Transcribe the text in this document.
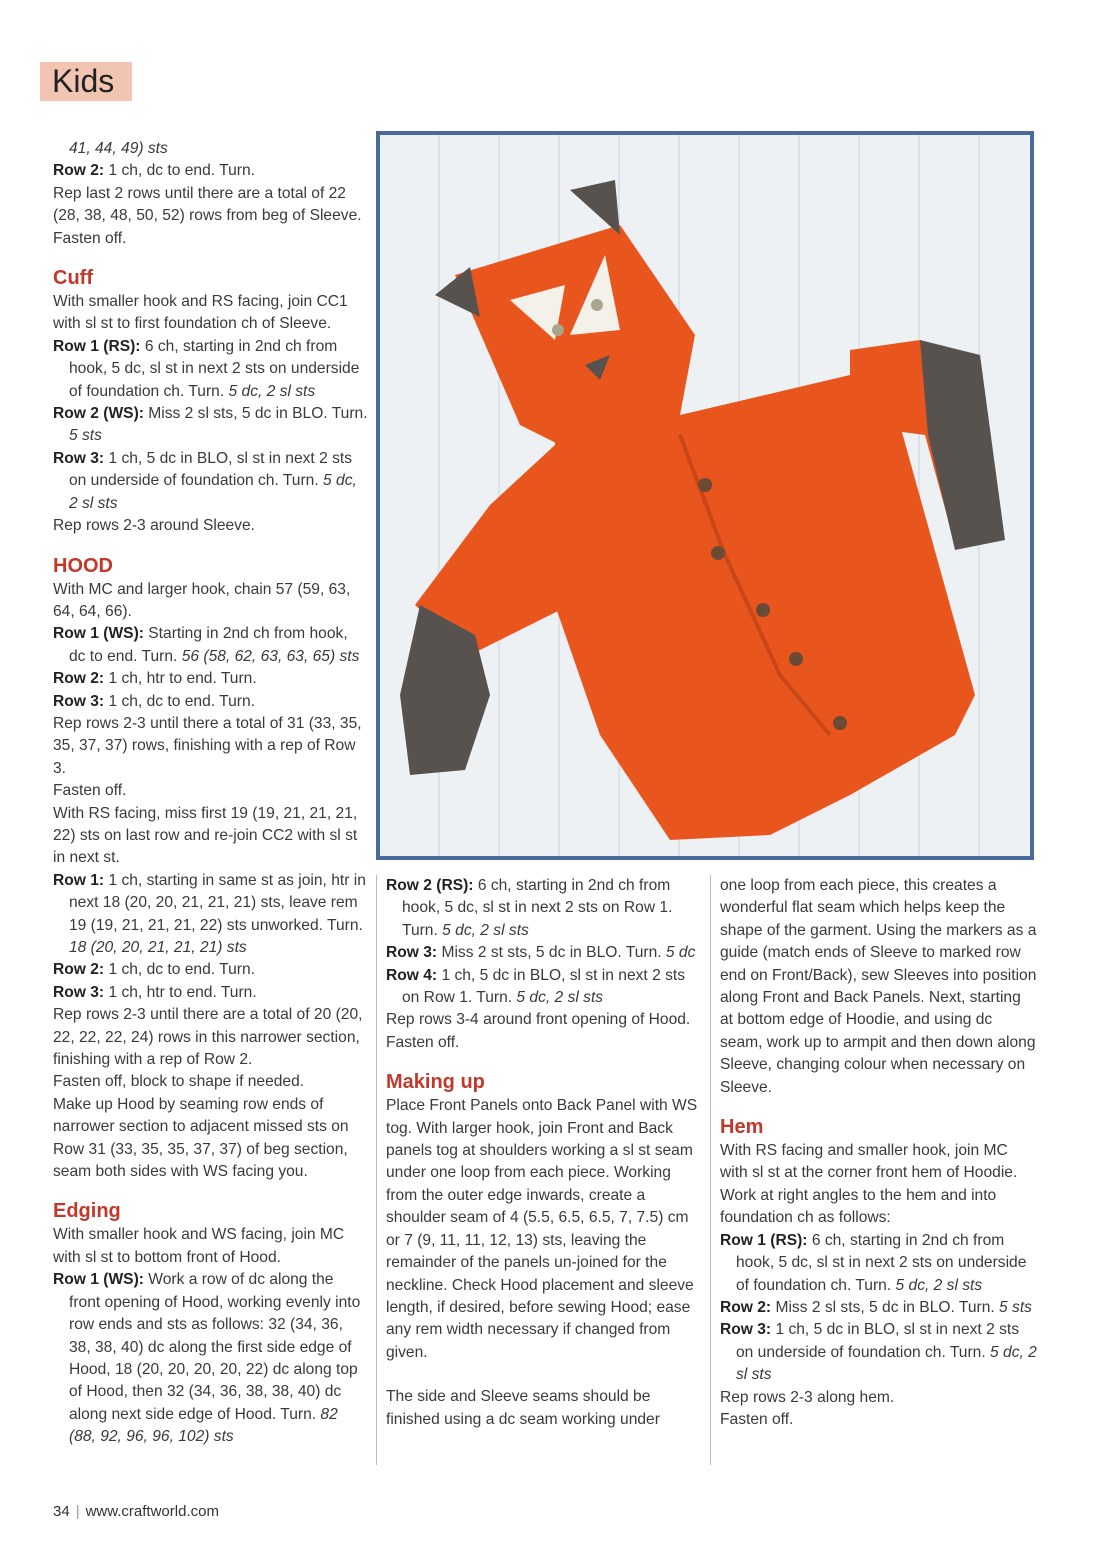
Kids

41, 44, 49) sts

Row 2: 1 ch, dc to end. Turn.

Rep last 2 rows until there are a total of 22 (28, 38, 48, 50, 52) rows from beg of Sleeve. Fasten off.

Cuff

With smaller hook and RS facing, join CC1 with sl st to first foundation ch of Sleeve.

Row 1 (RS): 6 ch, starting in 2nd ch from hook, 5 dc, sl st in next 2 sts on underside of foundation ch. Turn. 5 dc, 2 sl sts

Row 2 (WS): Miss 2 sl sts, 5 dc in BLO. Turn. 5 sts

Row 3: 1 ch, 5 dc in BLO, sl st in next 2 sts on underside of foundation ch. Turn. 5 dc, 2 sl sts

Rep rows 2-3 around Sleeve.

HOOD

With MC and larger hook, chain 57 (59, 63, 64, 64, 66).

Row 1 (WS): Starting in 2nd ch from hook, dc to end. Turn. 56 (58, 62, 63, 63, 65) sts

Row 2: 1 ch, htr to end. Turn.

Row 3: 1 ch, dc to end. Turn.

Rep rows 2-3 until there a total of 31 (33, 35, 35, 37, 37) rows, finishing with a rep of Row 3.

Fasten off.

With RS facing, miss first 19 (19, 21, 21, 21, 22) sts on last row and re-join CC2 with sl st in next st.

Row 1: 1 ch, starting in same st as join, htr in next 18 (20, 20, 21, 21, 21) sts, leave rem 19 (19, 21, 21, 21, 22) sts unworked. Turn. 18 (20, 20, 21, 21, 21) sts

Row 2: 1 ch, dc to end. Turn.

Row 3: 1 ch, htr to end. Turn.

Rep rows 2-3 until there are a total of 20 (20, 22, 22, 22, 24) rows in this narrower section, finishing with a rep of Row 2.

Fasten off, block to shape if needed.

Make up Hood by seaming row ends of narrower section to adjacent missed sts on Row 31 (33, 35, 35, 37, 37) of beg section, seam both sides with WS facing you.

Edging

With smaller hook and WS facing, join MC with sl st to bottom front of Hood.

Row 1 (WS): Work a row of dc along the front opening of Hood, working evenly into row ends and sts as follows: 32 (34, 36, 38, 38, 40) dc along the first side edge of Hood, 18 (20, 20, 20, 20, 22) dc along top of Hood, then 32 (34, 36, 38, 38, 40) dc along next side edge of Hood. Turn. 82 (88, 92, 96, 96, 102) sts

Row 2 (RS): 6 ch, starting in 2nd ch from hook, 5 dc, sl st in next 2 sts on Row 1. Turn. 5 dc, 2 sl sts

Row 3: Miss 2 st sts, 5 dc in BLO. Turn. 5 dc

Row 4: 1 ch, 5 dc in BLO, sl st in next 2 sts on Row 1. Turn. 5 dc, 2 sl sts

Rep rows 3-4 around front opening of Hood. Fasten off.

Making up

Place Front Panels onto Back Panel with WS tog. With larger hook, join Front and Back panels tog at shoulders working a sl st seam under one loop from each piece. Working from the outer edge inwards, create a shoulder seam of 4 (5.5, 6.5, 6.5, 7, 7.5) cm or 7 (9, 11, 11, 12, 13) sts, leaving the remainder of the panels un-joined for the neckline. Check Hood placement and sleeve length, if desired, before sewing Hood; ease any rem width necessary if changed from given.

The side and Sleeve seams should be finished using a dc seam working under

one loop from each piece, this creates a wonderful flat seam which helps keep the shape of the garment. Using the markers as a guide (match ends of Sleeve to marked row end on Front/Back), sew Sleeves into position along Front and Back Panels. Next, starting at bottom edge of Hoodie, and using dc seam, work up to armpit and then down along Sleeve, changing colour when necessary on Sleeve.

Hem

With RS facing and smaller hook, join MC with sl st at the corner front hem of Hoodie. Work at right angles to the hem and into foundation ch as follows:

Row 1 (RS): 6 ch, starting in 2nd ch from hook, 5 dc, sl st in next 2 sts on underside of foundation ch. Turn. 5 dc, 2 sl sts

Row 2: Miss 2 sl sts, 5 dc in BLO. Turn. 5 sts

Row 3: 1 ch, 5 dc in BLO, sl st in next 2 sts on underside of foundation ch. Turn. 5 dc, 2 sl sts

Rep rows 2-3 along hem.

Fasten off.

34 | www.craftworld.com
